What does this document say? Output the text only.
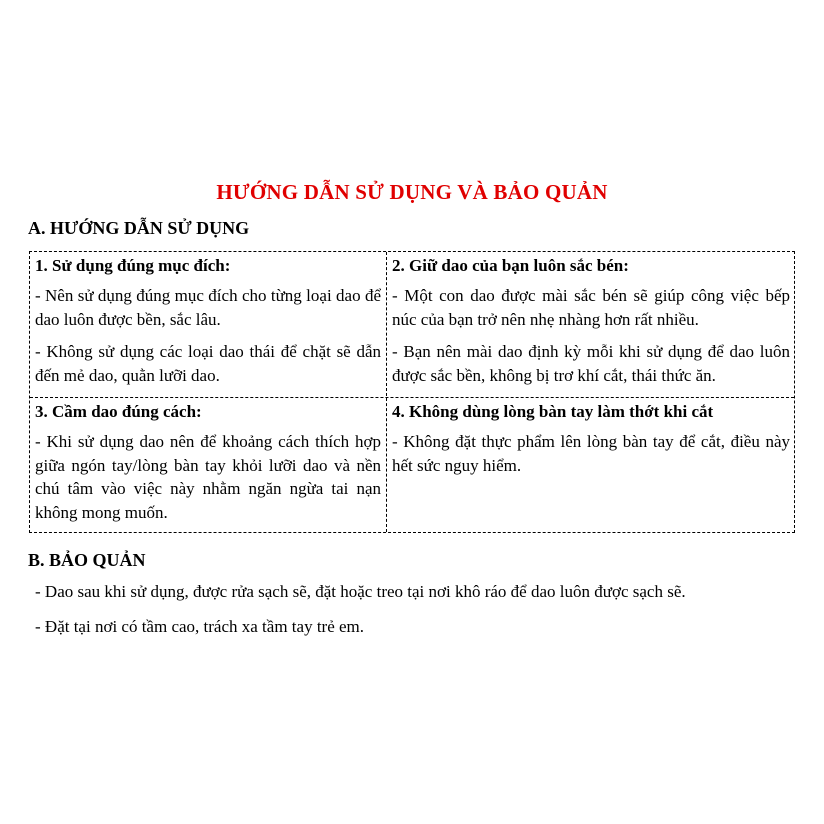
HƯỚNG DẪN SỬ DỤNG VÀ BẢO QUẢN
A. HƯỚNG DẪN SỬ DỤNG
1. Sử dụng đúng mục đích:

- Nên sử dụng đúng mục đích cho từng loại dao để dao luôn được bền, sắc lâu.

- Không sử dụng các loại dao thái để chặt sẽ dẫn đến mẻ dao, quằn lưỡi dao.

2. Giữ dao của bạn luôn sắc bén:

- Một con dao được mài sắc bén sẽ giúp công việc bếp núc của bạn trở nên nhẹ nhàng hơn rất nhiều.

- Bạn nên mài dao định kỳ mỗi khi sử dụng để dao luôn được sắc bền, không bị trơ khí cắt, thái thức ăn.

3. Cầm dao đúng cách:

- Khi sử dụng dao nên để khoảng cách thích hợp giữa ngón tay/lòng bàn tay khỏi lưỡi dao và nền chú tâm vào việc này nhằm ngăn ngừa tai nạn không mong muốn.

4. Không dùng lòng bàn tay làm thớt khi cắt

- Không đặt thực phẩm lên lòng bàn tay để cắt, điều này hết sức nguy hiểm.

B. BẢO QUẢN
- Dao sau khi sử dụng, được rửa sạch sẽ, đặt hoặc treo tại nơi khô ráo để dao luôn được sạch sẽ.
- Đặt tại nơi có tầm cao, trách xa tầm tay trẻ em.
